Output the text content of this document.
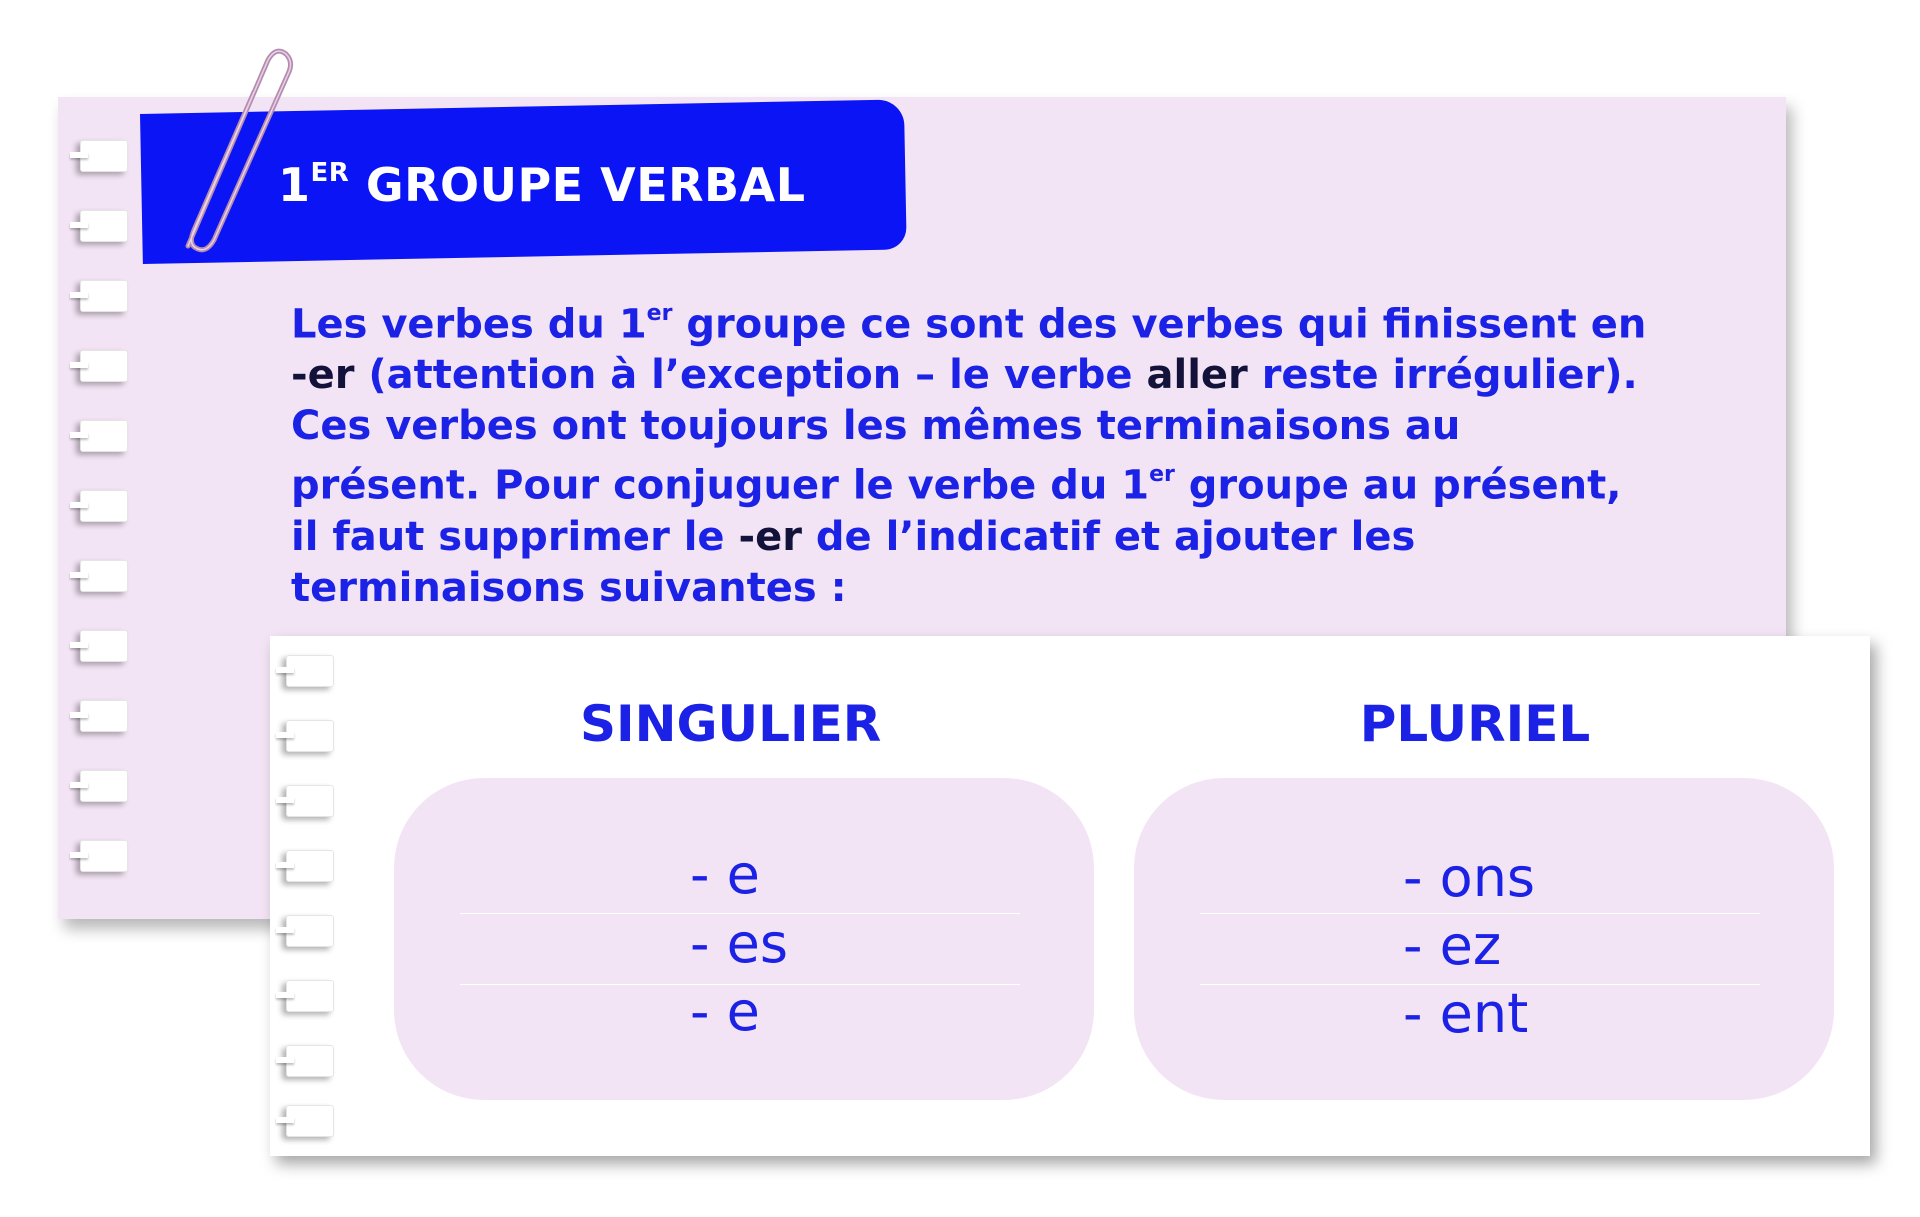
1ER GROUPE VERBAL
Les verbes du 1er groupe ce sont des verbes qui finissent en
-er (attention à l’exception – le verbe aller reste irrégulier).
Ces verbes ont toujours les mêmes terminaisons au
présent. Pour conjuguer le verbe du 1er groupe au présent,
il faut supprimer le -er de l’indicatif et ajouter les
terminaisons suivantes :
SINGULIER	PLURIEL
- e
- es
- e
- ons
- ez
- ent
